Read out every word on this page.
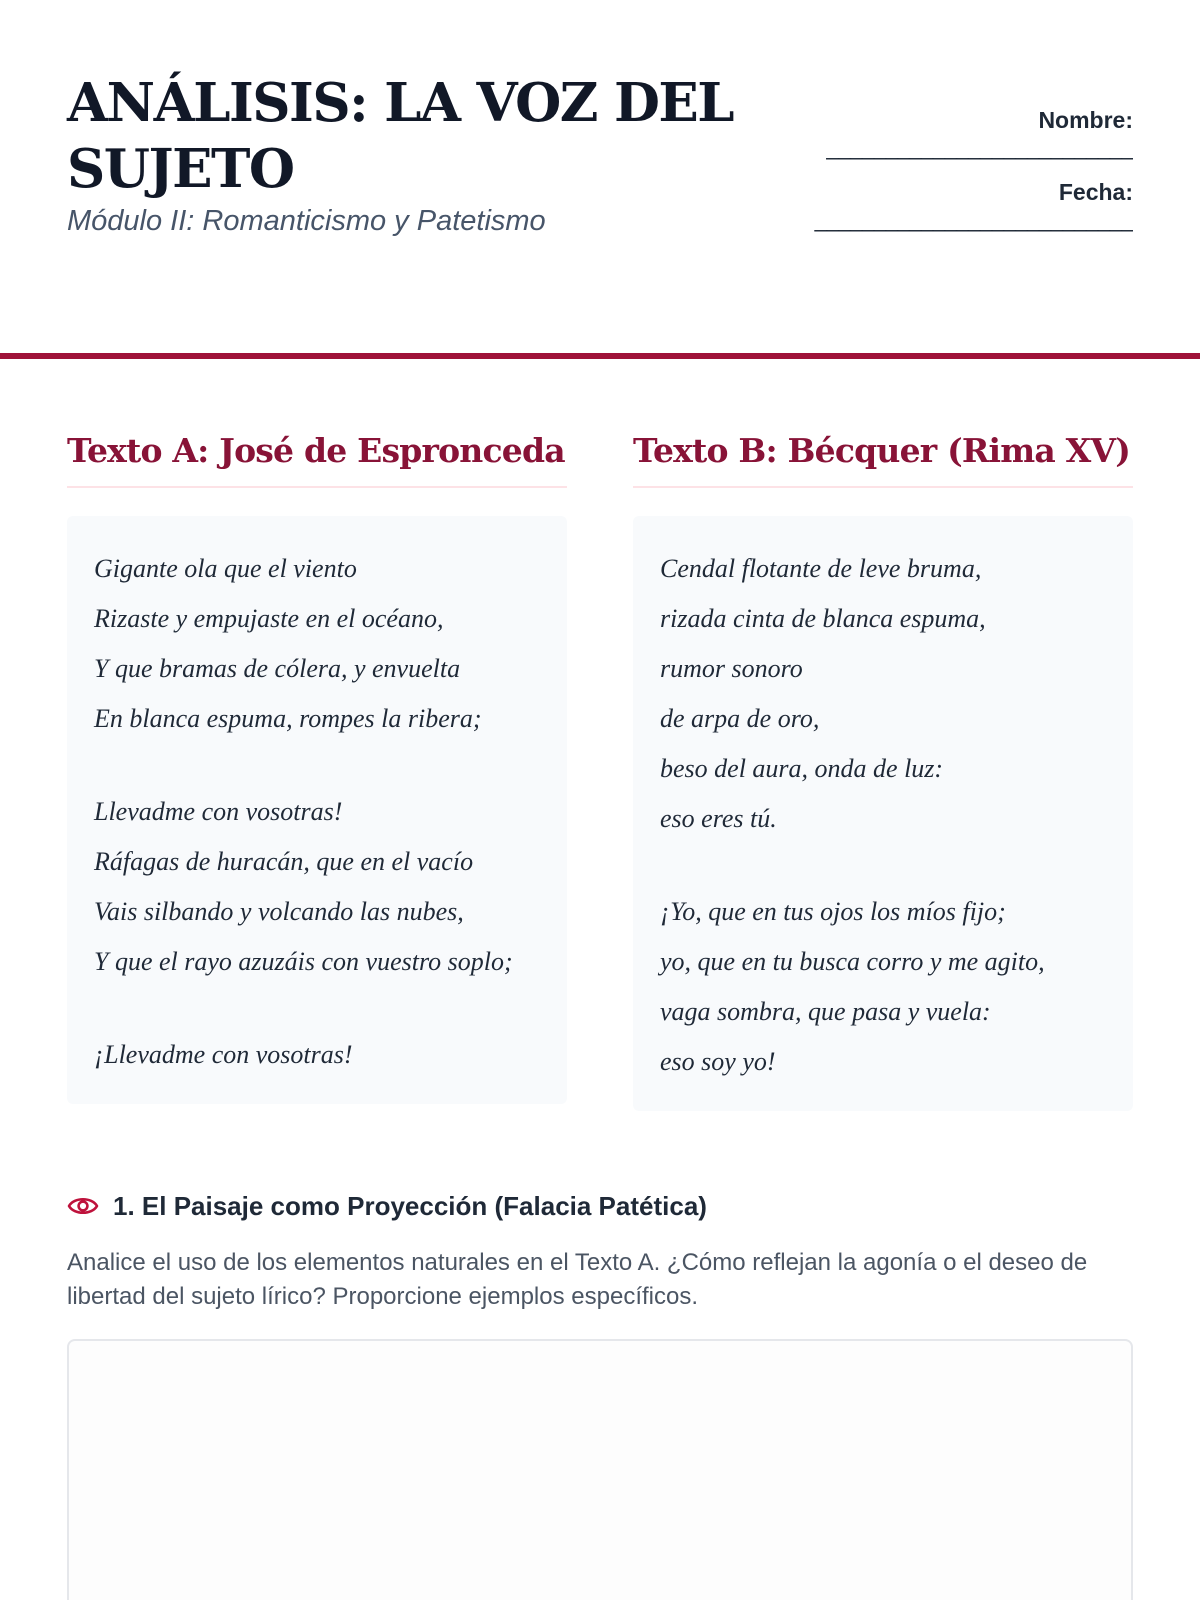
ANÁLISIS: LA VOZ DEL SUJETO
Módulo II: Romanticismo y Patetismo
Nombre:
__________________________
Fecha:
___________________________
Texto A: José de Espronceda
Gigante ola que el viento
Rizaste y empujaste en el océano,
Y que bramas de cólera, y envuelta
En blanca espuma, rompes la ribera;
Llevadme con vosotras!
Ráfagas de huracán, que en el vacío
Vais silbando y volcando las nubes,
Y que el rayo azuzáis con vuestro soplo;
¡Llevadme con vosotras!
Texto B: Bécquer (Rima XV)
Cendal flotante de leve bruma,
rizada cinta de blanca espuma,
rumor sonoro
de arpa de oro,
beso del aura, onda de luz:
eso eres tú.
¡Yo, que en tus ojos los míos fijo;
yo, que en tu busca corro y me agito,
vaga sombra, que pasa y vuela:
eso soy yo!
1. El Paisaje como Proyección (Falacia Patética)

Analice el uso de los elementos naturales en el Texto A. ¿Cómo reflejan la agonía o el deseo de libertad del sujeto lírico? Proporcione ejemplos específicos.
